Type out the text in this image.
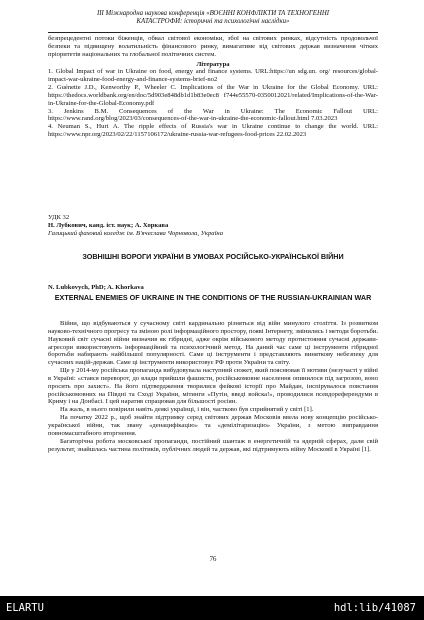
ІІІ Міжнародна наукова конференція «ВОЄННІ КОНФЛІКТИ ТА ТЕХНОГЕННІ
КАТАСТРОФИ: історичні та психологічні наслідки»

безпрецедентні потоки біженців, обвал світової економіки, збої на світових ринках, відсутність продовольчої безпеки та підвищену волатильність фінансового ринку, вимагатиме від світових держав визначення чітких пріоритетів національних та глобальної політичних систем.

Література

1. Global Impact of war in Ukraine on food, energy and finance systems. URL:https://un sdg.un. org/ resources/global-impact-war-ukraine-food-energy-and-finance-systems-brief-no2

2. Guénette J.D., Kenworthy P., Wheeler C. Implications of the War in Ukraine for the Global Economy. URL: https://thedocs.worldbank.org/en/doc/5d903e848db1d1b83e0ec8 f744e55570-0350012021/related/Implications-of-the-War-in-Ukraine-for-the-Global-Economy.pdf

3. Jenkins B.M. Consequences of the War in Ukraine: The Economic Fallout URL: https://www.rand.org/blog/2023/03/consequences-of-the-war-in-ukraine-the-economic-fallout.html 7.03.2023

4. Neuman S., Hurt A. The ripple effects of Russia's war in Ukraine continue to change the world. URL: https://www.npr.org/2023/02/22/1157106172/ukraine-russia-war-refugees-food-prices 22.02.2023

УДК 32

Н. Лубкович, канд. іст. наук; А. Хоркава

Галицький фаховий коледж ім. В'ячеслава Чорновола, Україна

ЗОВНІШНІ ВОРОГИ УКРАЇНИ В УМОВАХ РОСІЙСЬКО-УКРАЇНСЬКОЇ ВІЙНИ
N. Lubkovych, PhD; A. Khorkava
EXTERNAL ENEMIES OF UKRAINE IN THE CONDITIONS OF THE RUSSIAN-UKRAINIAN WAR

Війни, що відбуваються у сучасному світі кардинально різняться від війн минулого століття. Із розвитком науково-технічного прогресу та зміною ролі інформаційного простору, появі Інтернету, змінились і методи боротьби. Науковий світ сучасні війни визначив як гібридні, адже окрім військового методу протистояння сучасні держави-агресори використовують інформаційний та психологічний метод. На даний час саме ці інструменти гібридної боротьби набирають найбільшої популярності. Саме ці інструменти і представляють виняткову небезпеку для сучасних націй-держав. Саме ці інструменти використовує РФ проти України та світу.

Ще у 2014-му російська пропаганда вибудовувала наступний сюжет, який пояснював її мотиви (незучасті у війні в Україні: «стався переворот, до влади прийшли фашисти, російськомовне населення опинилося під загрозою, воно просить про захист». На його підтвердження творилися фейкові історії про Майдан, інспірувалося повстання російськомовних на Півдні та Сході України, мітинги «Путін, введі войска!», проводилися псевдореферендуми в Криму і на Донбасі. І цей наратив спрацював для більшості росіян.

На жаль, в нього повірили навіть деякі українці, і він, частково був сприйнятий у світі [1].

На початку 2022 р., щоб знайти підтримку серед світових держав Московія ввела нову концепцію російсько-української війни, так звану «денацифікацію» та «демілітаризацію» України, з метою виправдання повномасштабного вторгнення.

Багаторічна робота московської пропаганди, постійний шантаж в енергетичній та ядерній сферах, дали свій результат, знайшлась частина політиків, публічних людей та держав, які підтримують війну Московії в Україні [1].

76
ELARTU	hdl:lib/41087
